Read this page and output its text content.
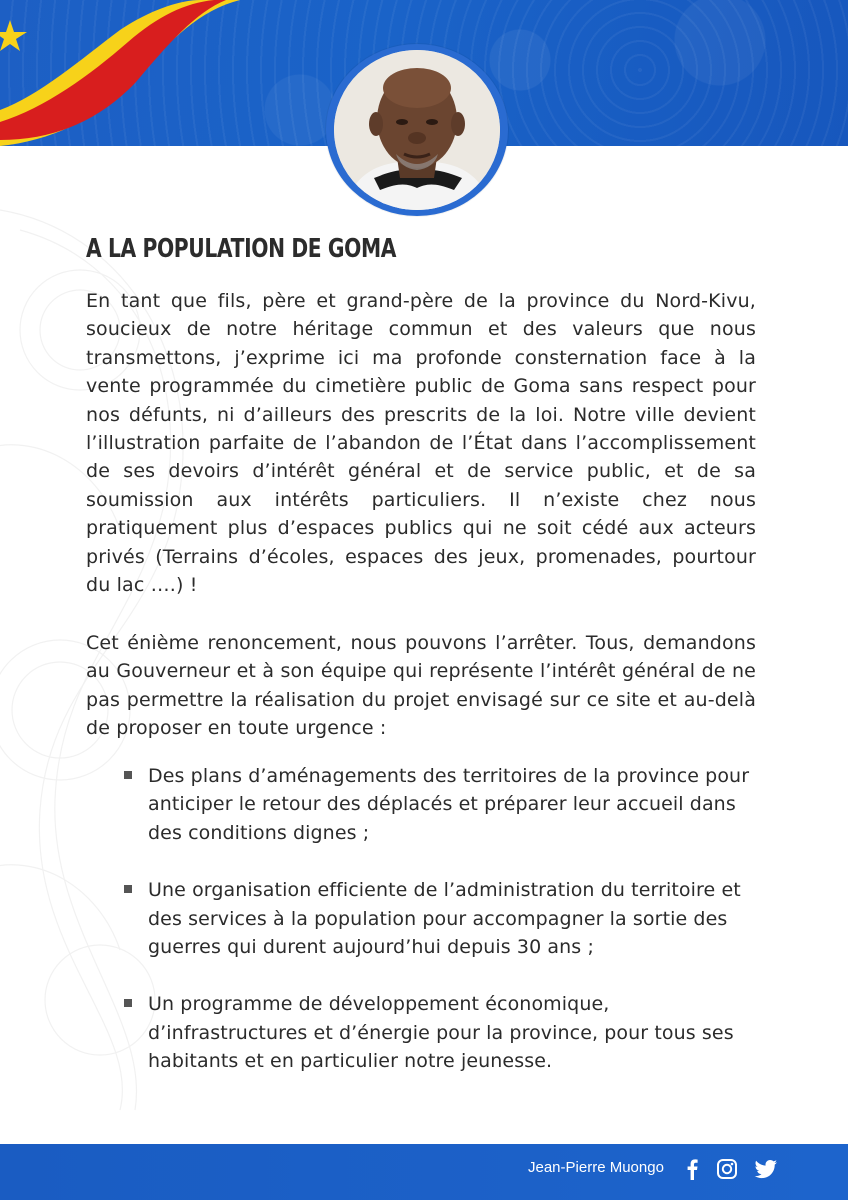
A LA POPULATION DE GOMA

En tant que fils, père et grand-père de la province du Nord-Kivu, soucieux de notre héritage commun et des valeurs que nous transmettons, j’exprime ici ma profonde consternation face à la vente programmée du cimetière public de Goma sans respect pour nos défunts, ni d’ailleurs des prescrits de la loi. Notre ville devient l’illustration parfaite de l’abandon de l’État dans l’accomplissement de ses devoirs d’intérêt général et de service public, et de sa soumission aux intérêts particuliers. Il n’existe chez nous pratiquement plus d’espaces publics qui ne soit cédé aux acteurs privés (Terrains d’écoles, espaces des jeux, promenades, pourtour du lac ….) !

Cet énième renoncement, nous pouvons l’arrêter. Tous, demandons au Gouverneur et à son équipe qui représente l’intérêt général de ne pas permettre la réalisation du projet envisagé sur ce site et au-delà de proposer en toute urgence :

Des plans d’aménagements des territoires de la province pour anticiper le retour des déplacés et préparer leur accueil dans des conditions dignes ;
Une organisation efficiente de l’administration du territoire et des services à la population pour accompagner la sortie des guerres qui durent aujourd’hui depuis 30 ans ;
Un programme de développement économique, d’infrastructures et d’énergie pour la province, pour tous ses habitants et en particulier notre jeunesse.
Jean-Pierre Muongo
